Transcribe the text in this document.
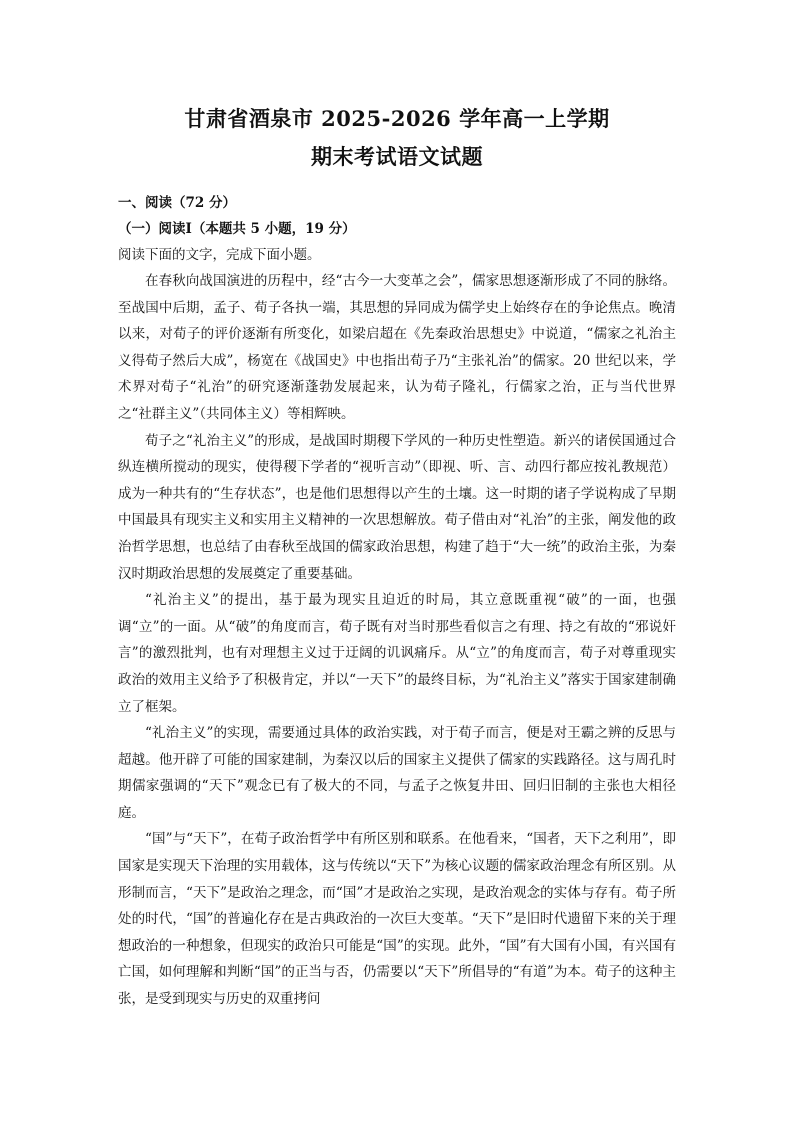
甘肃省酒泉市 2025-2026 学年高一上学期
期末考试语文试题

一、阅读（72 分）

（一）阅读Ⅰ（本题共 5 小题，19 分）

阅读下面的文字，完成下面小题。

在春秋向战国演进的历程中，经“古今一大变革之会”，儒家思想逐渐形成了不同的脉络。至战国中后期，孟子、荀子各执一端，其思想的异同成为儒学史上始终存在的争论焦点。晚清以来，对荀子的评价逐渐有所变化，如梁启超在《先秦政治思想史》中说道，“儒家之礼治主义得荀子然后大成”，杨宽在《战国史》中也指出荀子乃“主张礼治”的儒家。20 世纪以来，学术界对荀子“礼治”的研究逐渐蓬勃发展起来，认为荀子隆礼，行儒家之治，正与当代世界之“社群主义”（共同体主义）等相辉映。

荀子之“礼治主义”的形成，是战国时期稷下学风的一种历史性塑造。新兴的诸侯国通过合纵连横所搅动的现实，使得稷下学者的“视听言动”（即视、听、言、动四行都应按礼教规范）成为一种共有的“生存状态”，也是他们思想得以产生的土壤。这一时期的诸子学说构成了早期中国最具有现实主义和实用主义精神的一次思想解放。荀子借由对“礼治”的主张，阐发他的政治哲学思想，也总结了由春秋至战国的儒家政治思想，构建了趋于“大一统”的政治主张，为秦汉时期政治思想的发展奠定了重要基础。

“礼治主义”的提出，基于最为现实且迫近的时局，其立意既重视“破”的一面，也强调“立”的一面。从“破”的角度而言，荀子既有对当时那些看似言之有理、持之有故的“邪说奸言”的激烈批判，也有对理想主义过于迂阔的讥讽痛斥。从“立”的角度而言，荀子对尊重现实政治的效用主义给予了积极肯定，并以“一天下”的最终目标，为“礼治主义”落实于国家建制确立了框架。

“礼治主义”的实现，需要通过具体的政治实践，对于荀子而言，便是对王霸之辨的反思与超越。他开辟了可能的国家建制，为秦汉以后的国家主义提供了儒家的实践路径。这与周孔时期儒家强调的“天下”观念已有了极大的不同，与孟子之恢复井田、回归旧制的主张也大相径庭。

“国”与“天下”，在荀子政治哲学中有所区别和联系。在他看来，“国者，天下之利用”，即国家是实现天下治理的实用载体，这与传统以“天下”为核心议题的儒家政治理念有所区别。从形制而言，“天下”是政治之理念，而“国”才是政治之实现，是政治观念的实体与存有。荀子所处的时代，“国”的普遍化存在是古典政治的一次巨大变革。“天下”是旧时代遗留下来的关于理想政治的一种想象，但现实的政治只可能是“国”的实现。此外，“国”有大国有小国，有兴国有亡国，如何理解和判断“国”的正当与否，仍需要以“天下”所倡导的“有道”为本。荀子的这种主张，是受到现实与历史的双重拷问
